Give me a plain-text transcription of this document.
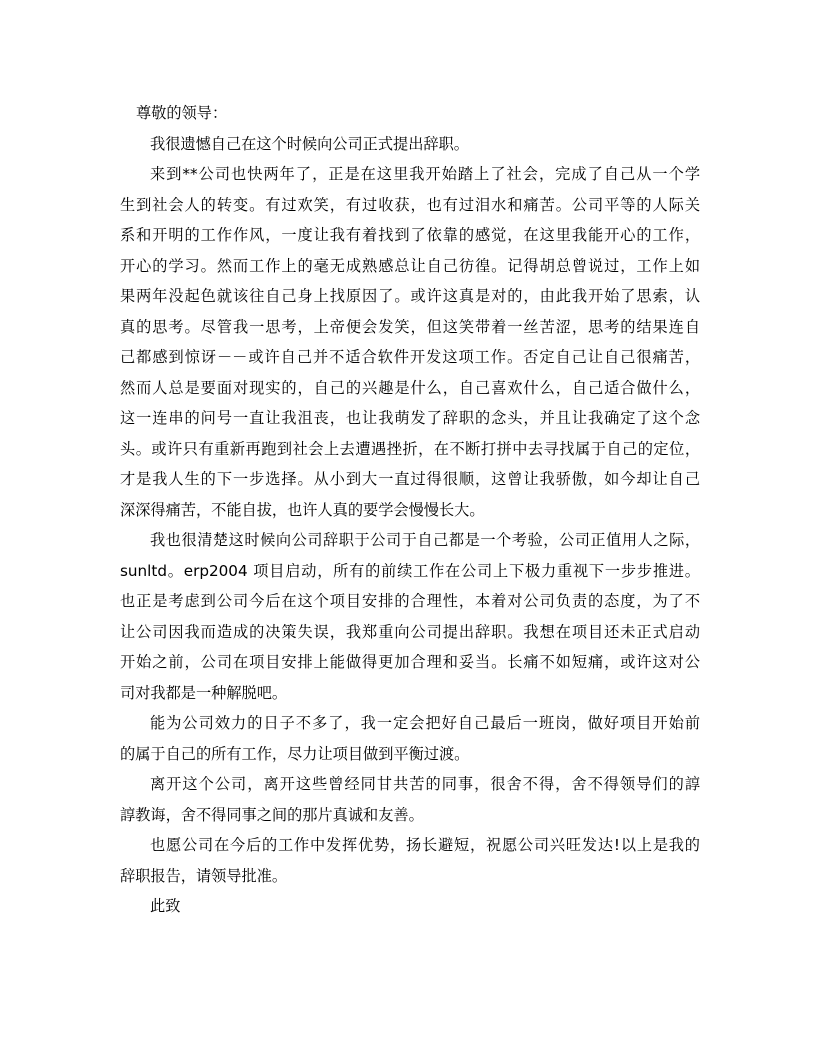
尊敬的领导：
我很遗憾自己在这个时候向公司正式提出辞职。
来到**公司也快两年了，正是在这里我开始踏上了社会，完成了自己从一个学
生到社会人的转变。有过欢笑，有过收获，也有过泪水和痛苦。公司平等的人际关
系和开明的工作作风，一度让我有着找到了依靠的感觉，在这里我能开心的工作，
开心的学习。然而工作上的毫无成熟感总让自己彷徨。记得胡总曾说过，工作上如
果两年没起色就该往自己身上找原因了。或许这真是对的，由此我开始了思索，认
真的思考。尽管我一思考，上帝便会发笑，但这笑带着一丝苦涩，思考的结果连自
己都感到惊讶－－或许自己并不适合软件开发这项工作。否定自己让自己很痛苦，
然而人总是要面对现实的，自己的兴趣是什么，自己喜欢什么，自己适合做什么，
这一连串的问号一直让我沮丧，也让我萌发了辞职的念头，并且让我确定了这个念
头。或许只有重新再跑到社会上去遭遇挫折，在不断打拼中去寻找属于自己的定位，
才是我人生的下一步选择。从小到大一直过得很顺，这曾让我骄傲，如今却让自己
深深得痛苦，不能自拔，也许人真的要学会慢慢长大。
我也很清楚这时候向公司辞职于公司于自己都是一个考验，公司正值用人之际，
sunltd。erp2004 项目启动，所有的前续工作在公司上下极力重视下一步步推进。
也正是考虑到公司今后在这个项目安排的合理性，本着对公司负责的态度，为了不
让公司因我而造成的决策失误，我郑重向公司提出辞职。我想在项目还未正式启动
开始之前，公司在项目安排上能做得更加合理和妥当。长痛不如短痛，或许这对公
司对我都是一种解脱吧。
能为公司效力的日子不多了，我一定会把好自己最后一班岗，做好项目开始前
的属于自己的所有工作，尽力让项目做到平衡过渡。
离开这个公司，离开这些曾经同甘共苦的同事，很舍不得，舍不得领导们的諄
諄教诲，舍不得同事之间的那片真诚和友善。
也愿公司在今后的工作中发挥优势，扬长避短，祝愿公司兴旺发达!以上是我的
辞职报告，请领导批准。
此致
